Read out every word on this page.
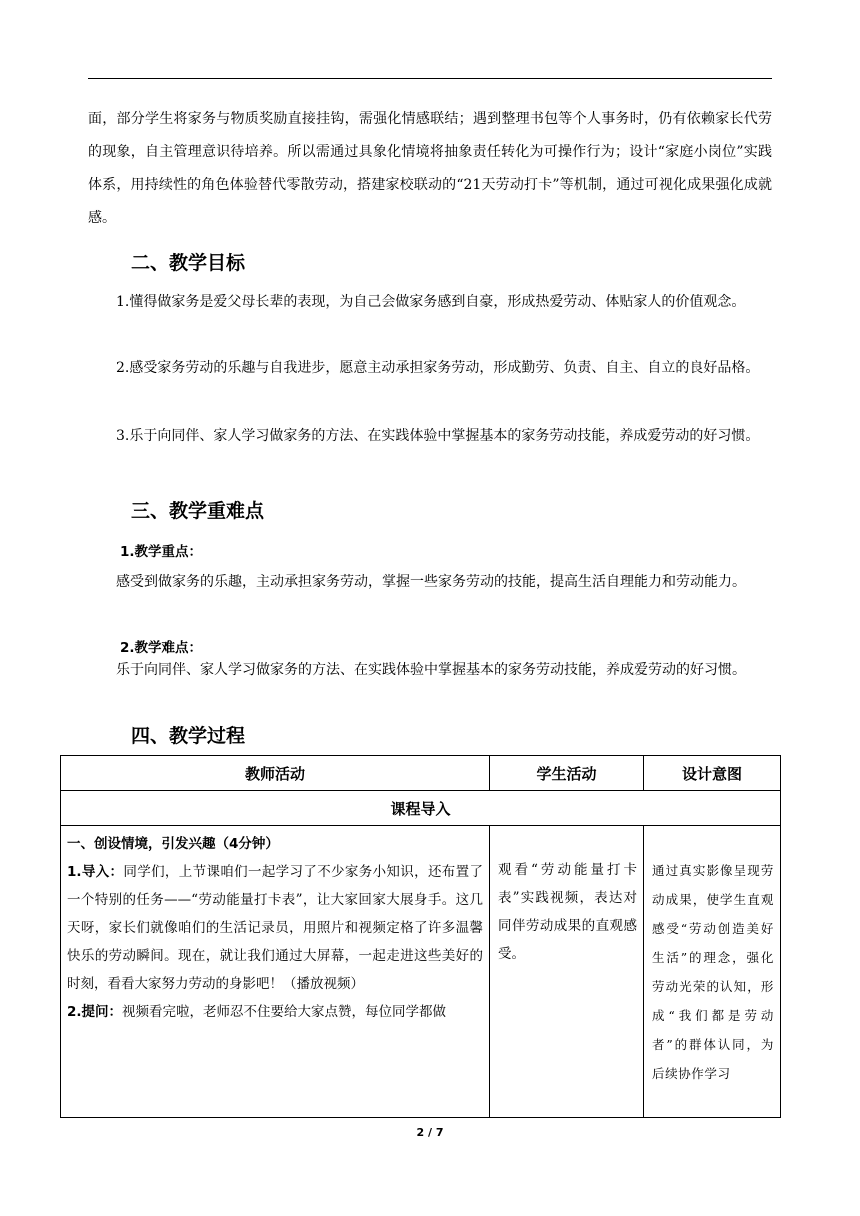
面，部分学生将家务与物质奖励直接挂钩，需强化情感联结；遇到整理书包等个人事务时，仍有依赖家长代劳的现象，自主管理意识待培养。所以需通过具象化情境将抽象责任转化为可操作行为；设计“家庭小岗位”实践体系，用持续性的角色体验替代零散劳动，搭建家校联动的“21天劳动打卡”等机制，通过可视化成果强化成就感。

二、教学目标

1.懂得做家务是爱父母长辈的表现，为自己会做家务感到自豪，形成热爱劳动、体贴家人的价值观念。

2.感受家务劳动的乐趣与自我进步，愿意主动承担家务劳动，形成勤劳、负责、自主、自立的良好品格。

3.乐于向同伴、家人学习做家务的方法、在实践体验中掌握基本的家务劳动技能，养成爱劳动的好习惯。

三、教学重难点

1.教学重点：

感受到做家务的乐趣，主动承担家务劳动，掌握一些家务劳动的技能，提高生活自理能力和劳动能力。

2.教学难点：

乐于向同伴、家人学习做家务的方法、在实践体验中掌握基本的家务劳动技能，养成爱劳动的好习惯。

四、教学过程
教师活动	学生活动	设计意图
课程导入		

一、创设情境，引发兴趣（4分钟）
1.导入：同学们，上节课咱们一起学习了不少家务小知识，还布置了一个特别的任务——“劳动能量打卡表”，让大家回家大展身手。这几天呀，家长们就像咱们的生活记录员，用照片和视频定格了许多温馨快乐的劳动瞬间。现在，就让我们通过大屏幕，一起走进这些美好的时刻，看看大家努力劳动的身影吧！（播放视频）
2.提问：视频看完啦，老师忍不住要给大家点赞，每位同学都做	观看“劳动能量打卡表”实践视频，表达对同伴劳动成果的直观感受。	通过真实影像呈现劳动成果，使学生直观感受“劳动创造美好生活”的理念，强化劳动光荣的认知，形成“我们都是劳动者”的群体认同，为后续协作学习
2 / 7
